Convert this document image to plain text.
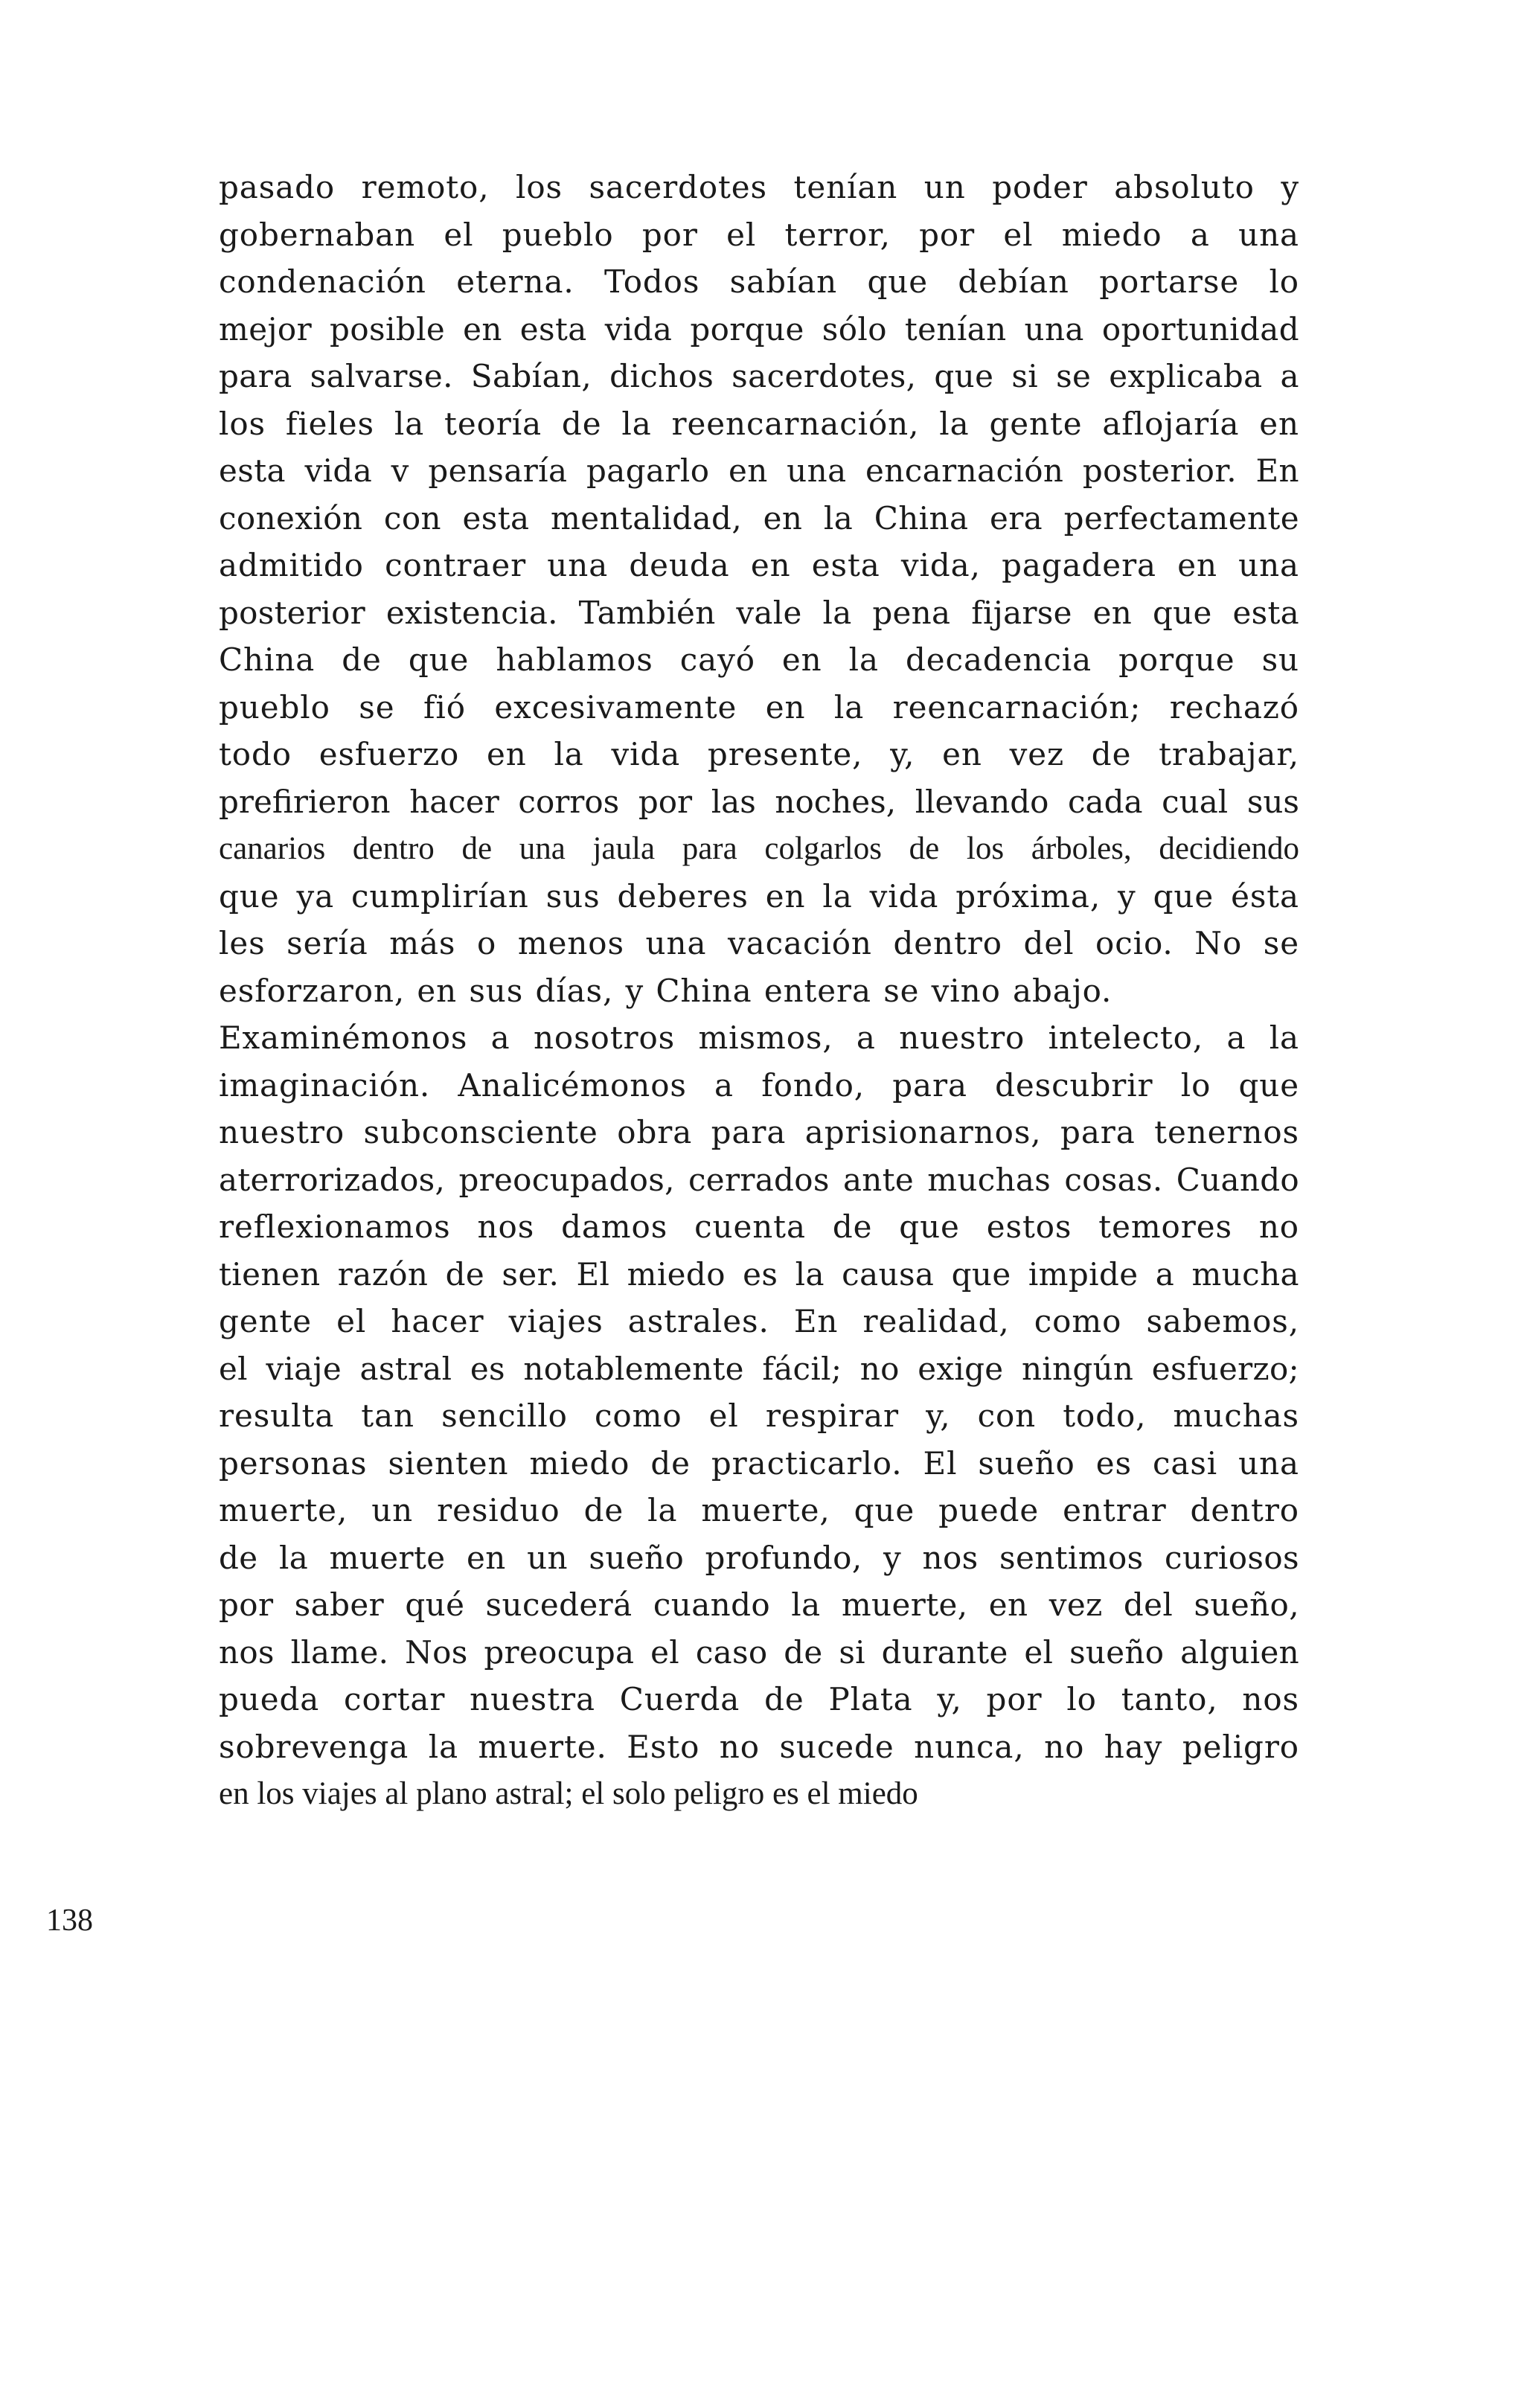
pasado remoto, los sacerdotes tenían un poder absoluto y
gobernaban el pueblo por el terror, por el miedo a una
condenación eterna. Todos sabían que debían portarse lo
mejor posible en esta vida porque sólo tenían una oportunidad
para salvarse. Sabían, dichos sacerdotes, que si se explicaba a
los fieles la teoría de la reencarnación, la gente aflojaría en
esta vida v pensaría pagarlo en una encarnación posterior. En
conexión con esta mentalidad, en la China era perfectamente
admitido contraer una deuda en esta vida, pagadera en una
posterior existencia. También vale la pena fijarse en que esta
China de que hablamos cayó en la decadencia porque su
pueblo se fió excesivamente en la reencarnación; rechazó
todo esfuerzo en la vida presente, y, en vez de trabajar,
prefirieron hacer corros por las noches, llevando cada cual sus
canarios dentro de una jaula para colgarlos de los árboles, decidiendo
que ya cumplirían sus deberes en la vida próxima, y que ésta
les sería más o menos una vacación dentro del ocio. No se
esforzaron, en sus días, y China entera se vino abajo.
Examinémonos a nosotros mismos, a nuestro intelecto, a la
imaginación. Analicémonos a fondo, para descubrir lo que
nuestro subconsciente obra para aprisionarnos, para tenernos
aterrorizados, preocupados, cerrados ante muchas cosas. Cuando
reflexionamos nos damos cuenta de que estos temores no
tienen razón de ser. El miedo es la causa que impide a mucha
gente el hacer viajes astrales. En realidad, como sabemos,
el viaje astral es notablemente fácil; no exige ningún esfuerzo;
resulta tan sencillo como el respirar y, con todo, muchas
personas sienten miedo de practicarlo. El sueño es casi una
muerte, un residuo de la muerte, que puede entrar dentro
de la muerte en un sueño profundo, y nos sentimos curiosos
por saber qué sucederá cuando la muerte, en vez del sueño,
nos llame. Nos preocupa el caso de si durante el sueño alguien
pueda cortar nuestra Cuerda de Plata y, por lo tanto, nos
sobrevenga la muerte. Esto no sucede nunca, no hay peligro
en los viajes al plano astral; el solo peligro es el miedo
138
